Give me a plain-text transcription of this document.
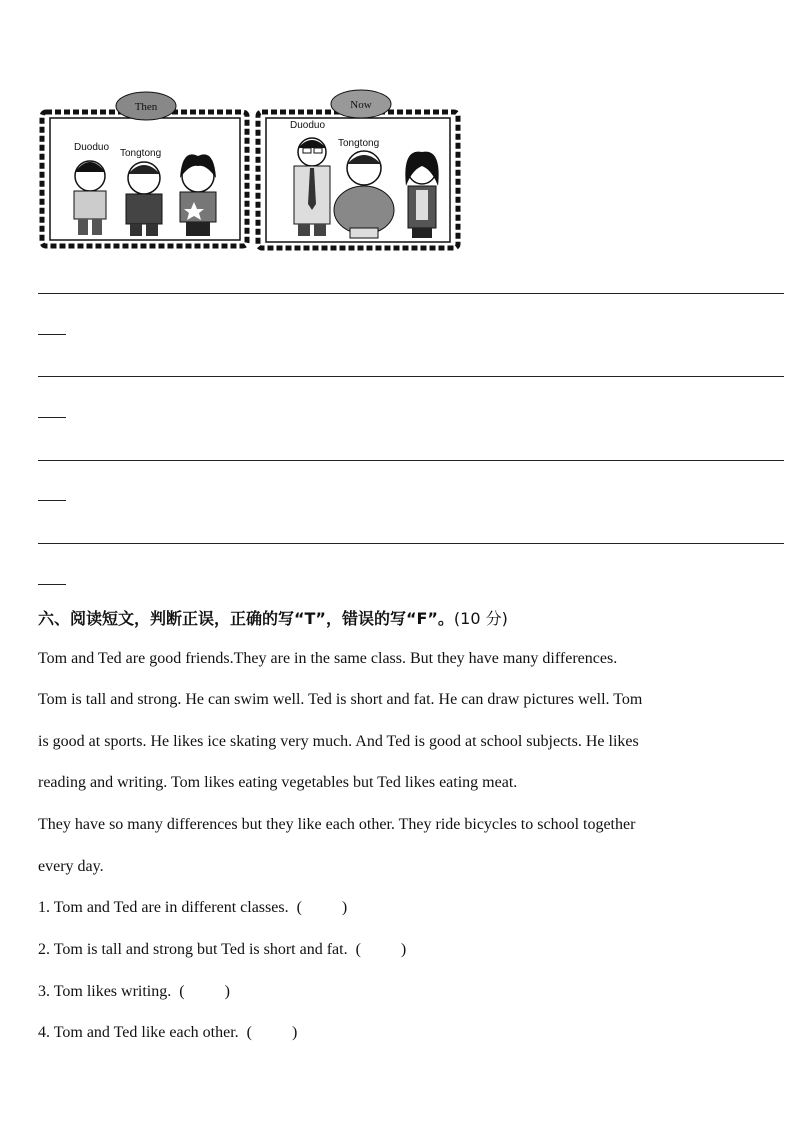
Then
Duoduo
Tongtong
Now
Duoduo
Tongtong
六、阅读短文，判断正误，正确的写“T”，错误的写“F”。(10 分)
Tom and Ted are good friends.They are in the same class. But they have many differences.
Tom is tall and strong. He can swim well. Ted is short and fat. He can draw pictures well. Tom
is good at sports. He likes ice skating very much. And Ted is good at school subjects. He likes
reading and writing. Tom likes eating vegetables but Ted likes eating meat.
They have so many differences but they like each other. They ride bicycles to school together
every day.
1. Tom and Ted are in different classes. (          )
2. Tom is tall and strong but Ted is short and fat. (          )
3. Tom likes writing. (          )
4. Tom and Ted like each other. (          )
